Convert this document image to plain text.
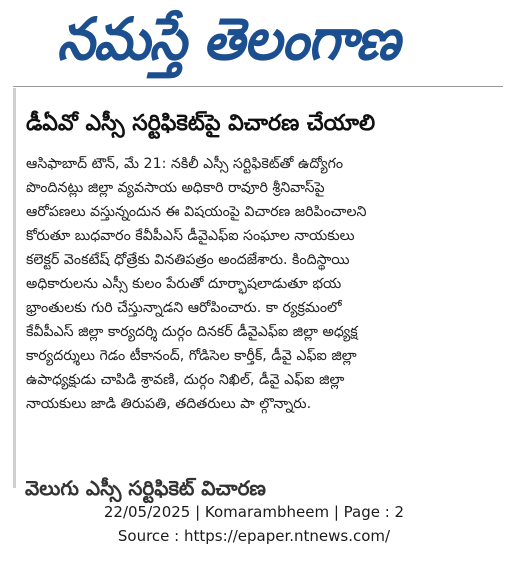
నమస్తే తెలంగాణ
డీఏవో ఎస్సీ సర్టిఫికెట్‌పై విచారణ చేయాలి
ఆసిఫాబాద్ టౌన్, మే 21: నకిలీ ఎస్సీ సర్టిఫికెట్‌తో ఉద్యోగం
పొందినట్లు జిల్లా వ్యవసాయ అధికారి రావూరి శ్రీనివాస్‌పై
ఆరోపణలు వస్తున్నందున ఈ విషయంపై విచారణ జరిపించాలని
కోరుతూ బుధవారం కేవీపీఎస్ డీవైఎఫ్ఐ సంఘాల నాయకులు
కలెక్టర్ వెంకటేష్ ధోత్రేకు వినతిపత్రం అందజేశారు. కిందిస్థాయి
అధికారులను ఎస్సీ కులం పేరుతో దూర్భాషలాడుతూ భయ
భ్రాంతులకు గురి చేస్తున్నాడని ఆరోపించారు. కా ర్యక్రమంలో
కేవీపీఎస్ జిల్లా కార్యదర్శి దుర్గం దినకర్ డీవైఎఫ్ఐ జిల్లా అధ్యక్ష
కార్యదర్శులు గెడం టీకానంద్, గోడిసెల కార్తీక్, డీవై ఎఫ్ఐ జిల్లా
ఉపాధ్యక్షుడు చాపిడి శ్రావణి, దుర్గం నిఖిల్, డీవై ఎఫ్ఐ జిల్లా
నాయకులు జాడి తిరుపతి, తదితరులు పా ల్గొన్నారు.
వెలుగు ఎస్సీ సర్టిఫికెట్ విచారణ
22/05/2025 | Komarambheem | Page : 2
Source : https://epaper.ntnews.com/
